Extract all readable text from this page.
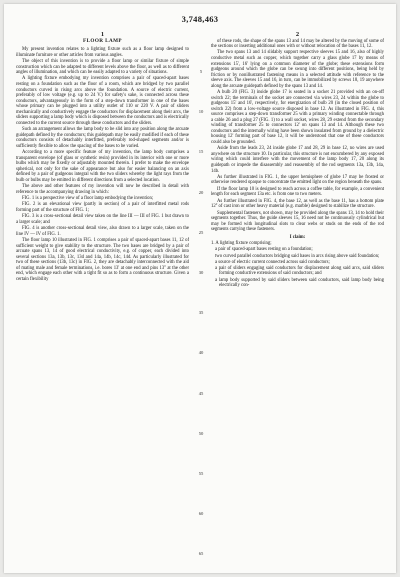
3,748,463
1
FLOOR LAMP
My present invention relates to a lighting fixture such as a floor lamp designed to illuminate furniture or other articles from various angles.
The object of this invention is to provide a floor lamp or similar fixture of simple construction which can be adapted to different levels above the floor, as well as to different angles of illumination, and which can be easily adapted to a variety of situations.
A lighting fixture embodying my invention comprises a pair of spaced-apart bases resting on a foundation such as the floor of a room, which are bridged by two parallel conductors curved in rising arcs above the foundation. A source of electric current, preferably of low voltage (e.g. up to 24 V.) for safety's sake, is connected across these conductors, advantageously in the form of a step-down transformer in one of the bases whose primary can be plugged into a utility outlet of 110 or 220 V. A pair of sliders mechanically and conductively engage the conductors for displacement along their arcs, the sliders supporting a lamp body which is disposed between the conductors and is electrically connected to the current source through these conductors and the sliders.
Such an arrangement allows the lamp body to be slid into any position along the arcuate guidepath defined by the conductors; this guidepath may be easily modified if each of these conductors consists of detachably interfitted, preferably rod-shaped segments and/or is sufficiently flexible to allow the spacing of the bases to be varied.
According to a more specific feature of my invention, the lamp body comprises a transparent envelope (of glass or synthetic resin) provided in its interior with one or more bulbs which may be fixedly or adjustably mounted therein. I prefer to make the envelope spherical, not only for the sake of appearance but also for easier balancing on an axis defined by a pair of gudgeons integral with the two sliders whereby the light rays from the bulb or bulbs may be emitted in different directions from a selected location.
The above and other features of my invention will now be described in detail with reference to the accompanying drawing in which:
FIG. 1 is a perspective view of a floor lamp embodying the invention;
FIG. 2 is an elevational view (partly in section) of a pair of interfitted metal rods forming part of the structure of FIG. 1;
FIG. 3 is a cross-sectional detail view taken on the line III — III of FIG. 1 but drawn to a larger scale; and
FIG. 4 is another cross-sectional detail view, also drawn to a larger scale, taken on the line IV — IV of FIG. 1.
The floor lamp 10 illustrated in FIG. 1 comprises a pair of spaced-apart bases 11, 12 of sufficient weight to give stability to the structure. The two bases are bridged by a pair of arcuate spans 13, 14 of good electrical conductivity, e.g. of copper, each divided into several sections 13a, 13b, 13c, 13d and 14a, 14b, 14c, 14d. As particularly illustrated for two of these sections (13b, 13c) in FIG. 2, they are detachably interconnected with the aid of mating male and female terminations, i.e. bores 13' at one end and pins 13'' at the other end, which engage each other with a tight fit so as to form a continuous structure. Given a certain flexibility
5
10
15
20
25
30
35
40
45
50
55
60
65
2
of these rods, the shape of the spans 13 and 14 may be altered by the moving of some of the sections or inserting additional ones with or without relocation of the bases 11, 12.
The two spans 13 and 14 slidably support respective sleeves 15 and 16, also of highly conductive metal such as copper, which together carry a glass globe 17 by means of extensions 15', 16' lying on a common diameter of the globe; these extensions form gudgeons around which the globe can be swung into different positions, being held by friction or by nonillustrated fastening means in a selected attitude with reference to the sleeve axis. The sleeves 15 and 16, in turn, can be immobilized by screws 18, 19 anywhere along the arcuate guidepath defined by the spans 13 and 14.
A bulb 20 (FIG. 3) inside globe 17 is seated in a socket 21 provided with an on-off switch 22; the terminals of the socket are connected via wires 23, 24 within the globe to gudgeons 15' and 16', respectively, for energization of bulb 20 (in the closed position of switch 22) from a low-voltage source disposed in base 12. As illustrated in FIG. 4, this source comprises a step-down transformer 25 with a primary winding connectable through a cable 26 and a plug 27 (FIG. 1) to a wall socket, wires 28, 29 extend from the secondary winding of transformer 25 to connectors 12' on spans 13 and 14. Although these two conductors and the internally wiring have been shown insulated from ground by a dielectric housing 12' forming part of base 12, it will be understood that one of these conductors could also be grounded.
Aside from the leads 23, 24 inside globe 17 and 28, 29 in base 12, no wires are used anywhere on the structure 10. In particular, this structure is not encumbered by any exposed wiring which could interfere with the movement of the lamp body 17, 20 along its guidepath or impede the disassembly and reassembly of the rod segments 13a, 13b, 14a, 14b.
As further illustrated in FIG. 1, the upper hemisphere of globe 17 may be frosted or otherwise rendered opaque to concentrate the emitted light on the region beneath the spans.
If the floor lamp 10 is designed to reach across a coffee table, for example, a convenient length for each segment 13a etc. is from one to two meters.
As further illustrated in FIG. 4, the base 12, as well as the base 11, has a bottom plate 12'' of cast iron or other heavy material (e.g. marble) designed to stabilize the structure.
Supplemental fasteners, not shown, may be provided along the spans 13, 14 to hold their segments together. Thus, the guide sleeves 15, 16 need not be continuously cylindrical but may be formed with longitudinal slots to clear webs or studs on the ends of the rod segments carrying these fasteners.
I claim:
1. A lighting fixture comprising;
a pair of spaced-apart bases resting on a foundation;
two curved parallel conductors bridging said bases in arcs rising above said foundation;
a source of electric current connected across said conductors;
a pair of sliders engaging said conductors for displacement along said arcs, said sliders forming conductive extensions of said conductors; and
a lamp body supported by said sliders between said conductors, said lamp body being electrically con-
